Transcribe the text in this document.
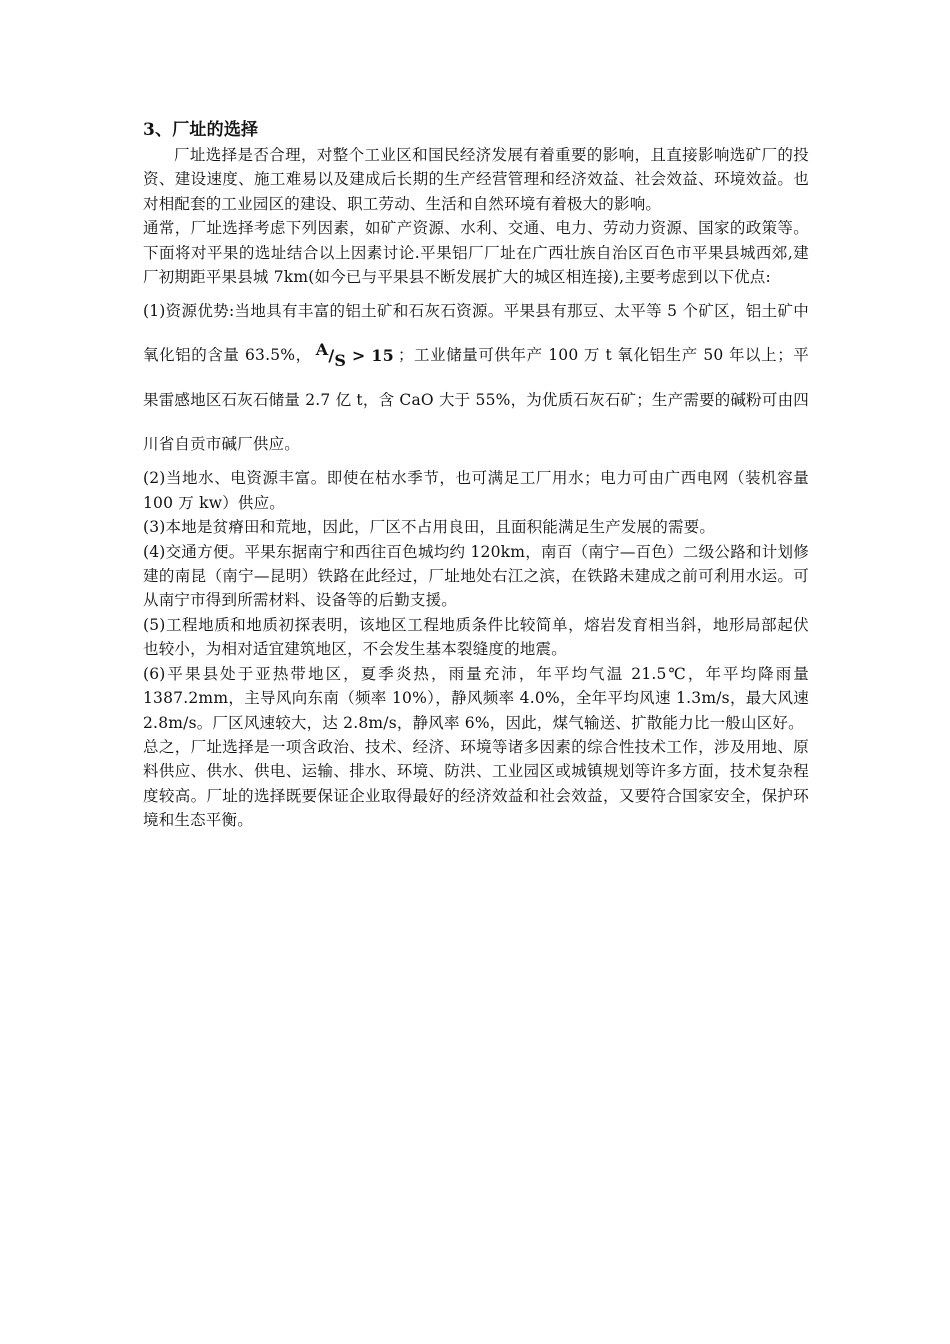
3、厂址的选择

厂址选择是否合理，对整个工业区和国民经济发展有着重要的影响，且直接影响选矿厂的投资、建设速度、施工难易以及建成后长期的生产经营管理和经济效益、社会效益、环境效益。也对相配套的工业园区的建设、职工劳动、生活和自然环境有着极大的影响。

通常，厂址选择考虑下列因素，如矿产资源、水利、交通、电力、劳动力资源、国家的政策等。下面将对平果的选址结合以上因素讨论.平果铝厂厂址在广西壮族自治区百色市平果县城西郊,建厂初期距平果县城 7km(如今已与平果县不断发展扩大的城区相连接),主要考虑到以下优点:

(1)资源优势:当地具有丰富的铝土矿和石灰石资源。平果县有那豆、太平等 5 个矿区，铝土矿中氧化铝的含量 63.5%， A/S > 15 ；工业储量可供年产 100 万 t 氧化铝生产 50 年以上；平果雷感地区石灰石储量 2.7 亿 t，含 CaO 大于 55%，为优质石灰石矿；生产需要的碱粉可由四川省自贡市碱厂供应。

(2)当地水、电资源丰富。即使在枯水季节，也可满足工厂用水；电力可由广西电网（装机容量 100 万 kw）供应。

(3)本地是贫瘠田和荒地，因此，厂区不占用良田，且面积能满足生产发展的需要。

(4)交通方便。平果东据南宁和西往百色城均约 120km，南百（南宁—百色）二级公路和计划修建的南昆（南宁—昆明）铁路在此经过，厂址地处右江之滨，在铁路未建成之前可利用水运。可从南宁市得到所需材料、设备等的后勤支援。

(5)工程地质和地质初探表明，该地区工程地质条件比较简单，熔岩发育相当斜，地形局部起伏也较小，为相对适宜建筑地区，不会发生基本裂缝度的地震。

(6)平果县处于亚热带地区，夏季炎热，雨量充沛，年平均气温 21.5℃，年平均降雨量 1387.2mm，主导风向东南（频率 10%），静风频率 4.0%，全年平均风速 1.3m/s，最大风速 2.8m/s。厂区风速较大，达 2.8m/s，静风率 6%，因此，煤气输送、扩散能力比一般山区好。

总之，厂址选择是一项含政治、技术、经济、环境等诸多因素的综合性技术工作，涉及用地、原料供应、供水、供电、运输、排水、环境、防洪、工业园区或城镇规划等许多方面，技术复杂程度较高。厂址的选择既要保证企业取得最好的经济效益和社会效益，又要符合国家安全，保护环境和生态平衡。
